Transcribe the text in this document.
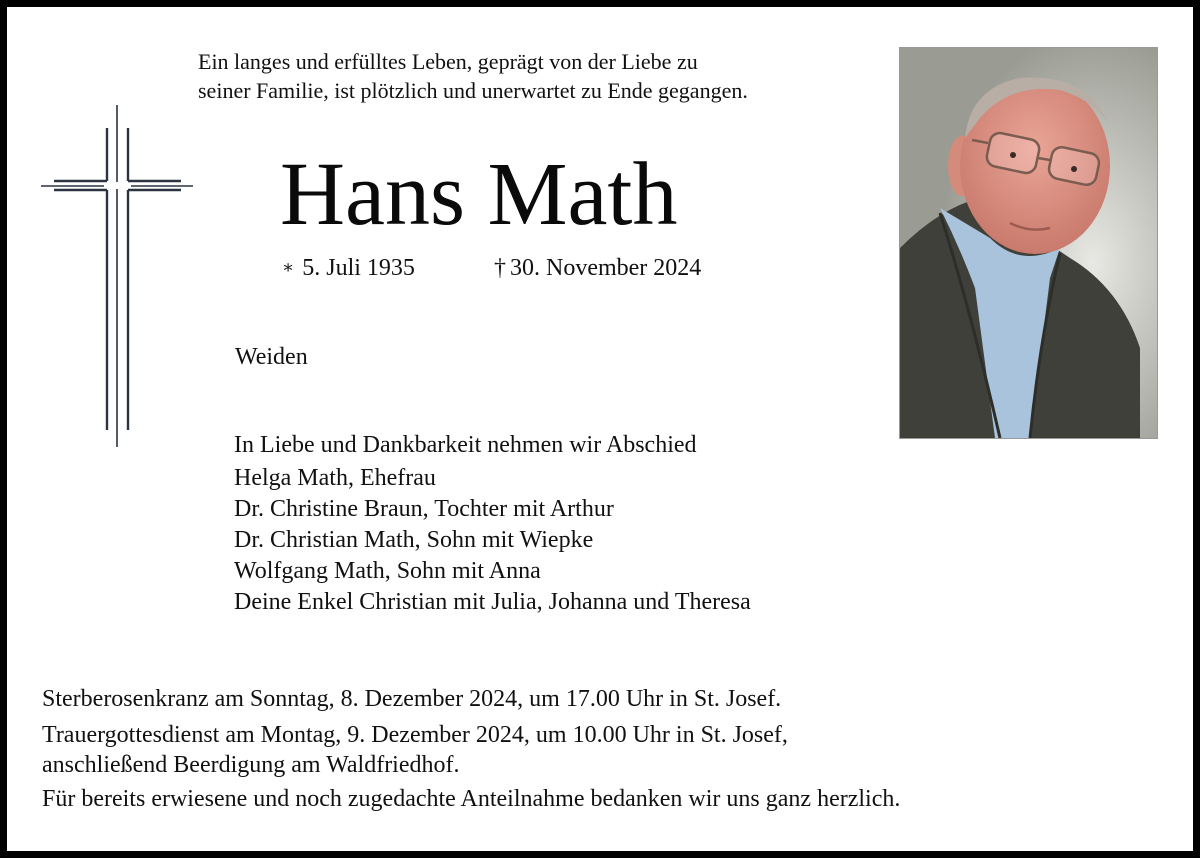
Ein langes und erfülltes Leben, geprägt von der Liebe zu
seiner Familie, ist plötzlich und unerwartet zu Ende gegangen.
Hans Math
∗ 5. Juli 1935	† 30. November 2024
Weiden
In Liebe und Dankbarkeit nehmen wir Abschied
Helga Math, Ehefrau
Dr. Christine Braun, Tochter mit Arthur
Dr. Christian Math, Sohn mit Wiepke
Wolfgang Math, Sohn mit Anna
Deine Enkel Christian mit Julia, Johanna und Theresa
Sterberosenkranz am Sonntag, 8. Dezember 2024, um 17.00 Uhr in St. Josef.
Trauergottesdienst am Montag, 9. Dezember 2024, um 10.00 Uhr in St. Josef,
anschließend Beerdigung am Waldfriedhof.
Für bereits erwiesene und noch zugedachte Anteilnahme bedanken wir uns ganz herzlich.
